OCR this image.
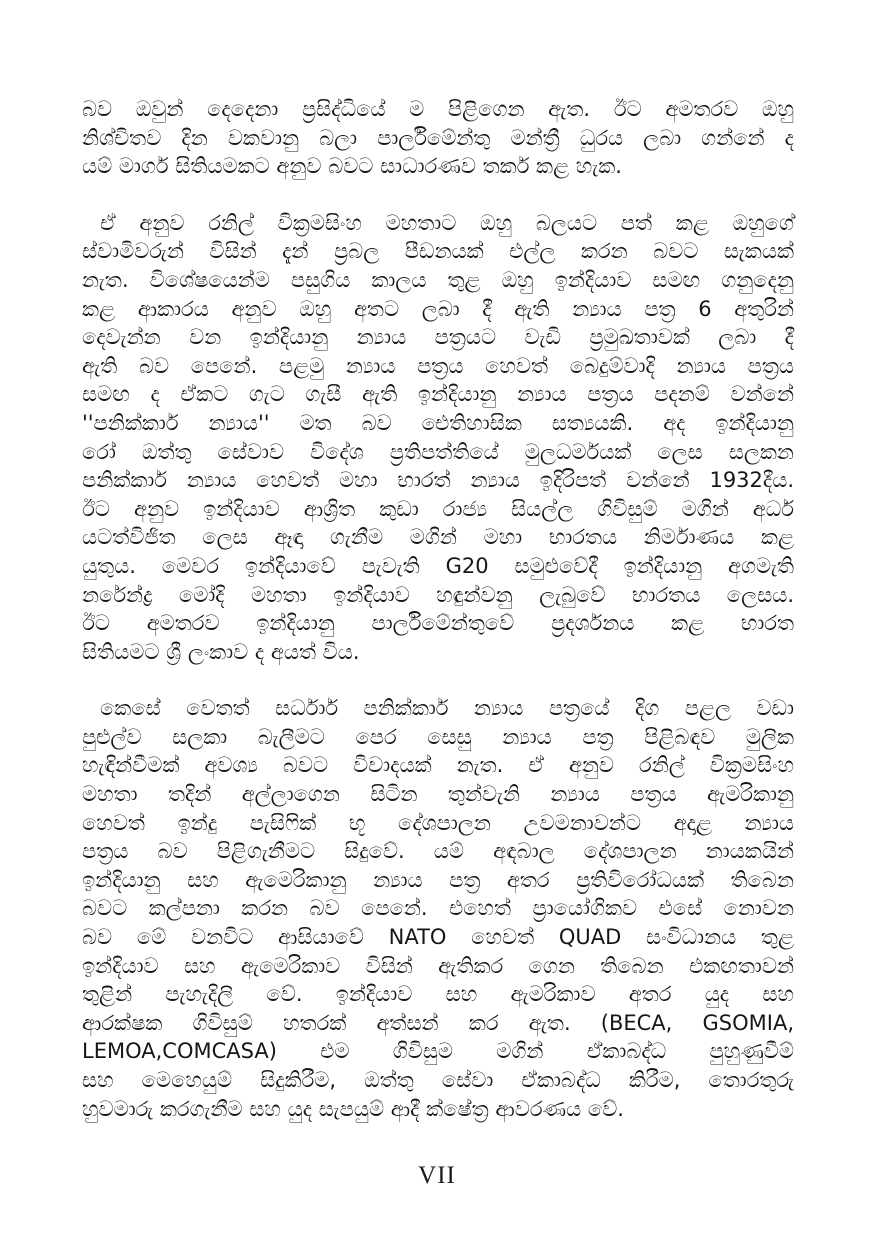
බව ඔවුන් දෙදෙනා ප්‍රසිද්ධියේ ම පිළිගෙන ඇත. ඊට අමතරව ඔහු
නිශ්චිතව දින වකවානු බලා පාර්ලිමේන්තු මන්ත්‍රී ධුරය ලබා ගන්නේ ද
යම් මාර්ග සිතියමකට අනුව බවට සාධාරණව තර්ක කළ හැක.
ඒ අනුව රනිල් වික්‍රමසිංහ මහතාට ඔහු බලයට පත් කළ ඔහුගේ
ස්වාමිවරුන් විසින් දැන් ප්‍රබල පීඩනයක් එල්ල කරන බවට සැකයක්
නැත. විශේෂයෙන්ම පසුගිය කාලය තුළ ඔහු ඉන්දියාව සමඟ ගනුදෙනු
කළ ආකාරය අනුව ඔහු අතට ලබා දී ඇති න්‍යාය පත්‍ර 6 අතුරින්
දෙවැන්න වන ඉන්දියානු න්‍යාය පත්‍රයට වැඩි ප්‍රමුඛතාවක් ලබා දී
ඇති බව පෙනේ. පළමු න්‍යාය පත්‍රය හෙවත් බෙදුම්වාදි න්‍යාය පත්‍රය
සමඟ ද ඒකට ගැට ගැසී ඇති ඉන්දියානු න්‍යාය පත්‍රය පදනම් වන්නේ
''පනික්කාර් න්‍යාය'' මත බව ඓතිහාසික සත්‍යයකි. අද ඉන්දියානු
රෝ ඔත්තු සේවාව විදේශ ප්‍රතිපත්තියේ මුලධර්මයක් ලෙස සලකන
පනික්කාර් න්‍යාය හෙවත් මහා භාරත් න්‍යාය ඉදිරිපත් වන්නේ 1932දීය.
ඊට අනුව ඉන්දියාව ආශ්‍රිත කුඩා රාජ්‍ය සියල්ල ගිවිසුම් මගින් අර්ධ
යටත්විජිත ලෙස ඈඳා ගැනීම මගින් මහා භාරතය නිර්මාණය කළ
යුතුය. මෙවර ඉන්දියාවේ පැවැති G20 සමුළුවේදී ඉන්දියානු අගමැති
නරේන්ද්‍ර මෝදි මහතා ඉන්දියාව හඳුන්වනු ලැබුවේ භාරතය ලෙසය.
ඊට අමතරව ඉන්දියානු පාර්ලිමේන්තුවේ ප්‍රදර්ශනය කළ භාරත
සිතියමට ශ්‍රී ලංකාව ද අයත් විය.
කෙසේ වෙතත් සර්ධාර් පනික්කාර් න්‍යාය පත්‍රයේ දිග පළල වඩා
පුළුල්ව සලකා බැලීමට පෙර සෙසු න්‍යාය පත්‍ර පිළිබඳව මුලික
හැඳින්වීමක් අවශ්‍ය බවට විවාදයක් නැත. ඒ අනුව රනිල් වික්‍රමසිංහ
මහතා තදින් අල්ලාගෙන සිටින තුන්වැනි න්‍යාය පත්‍රය ඇමරිකානු
හෙවත් ඉන්දු පැසිෆික් භූ දේශපාලන උවමනාවන්ට අදාළ න්‍යාය
පත්‍රය බව පිළිගැනීමට සිදුවේ. යම් අඳබාල දේශපාලන නායකයින්
ඉන්දියානු සහ ඇමෙරිකානු න්‍යාය පත්‍ර අතර ප්‍රතිවිරෝධයක් තිබෙන
බවට කල්පනා කරන බව පෙනේ. එහෙත් ප්‍රායෝගිකව එසේ නොවන
බව මේ වනවිට ආසියාවේ NATO හෙවත් QUAD සංවිධානය තුළ
ඉන්දියාව සහ ඇමෙරිකාව විසින් ඇතිකර ගෙන තිබෙන එකඟතාවන්
තුළින් පැහැදිලි වේ. ඉන්දියාව සහ ඇමරිකාව අතර යුද සහ
ආරක්ෂක ගිවිසුම් හතරක් අත්සන් කර ඇත. (BECA, GSOMIA,
LEMOA,COMCASA) එම ගිවිසුම මගින් ඒකාබද්ධ පුහුණුවීම්
සහ මෙහෙයුම් සිදුකිරීම, ඔත්තු සේවා ඒකාබද්ධ කිරීම, තොරතුරු
හුවමාරු කරගැනීම සහ යුද සැපයුම් ආදී ක්ෂේත්‍ර ආවරණය වේ.
VII
